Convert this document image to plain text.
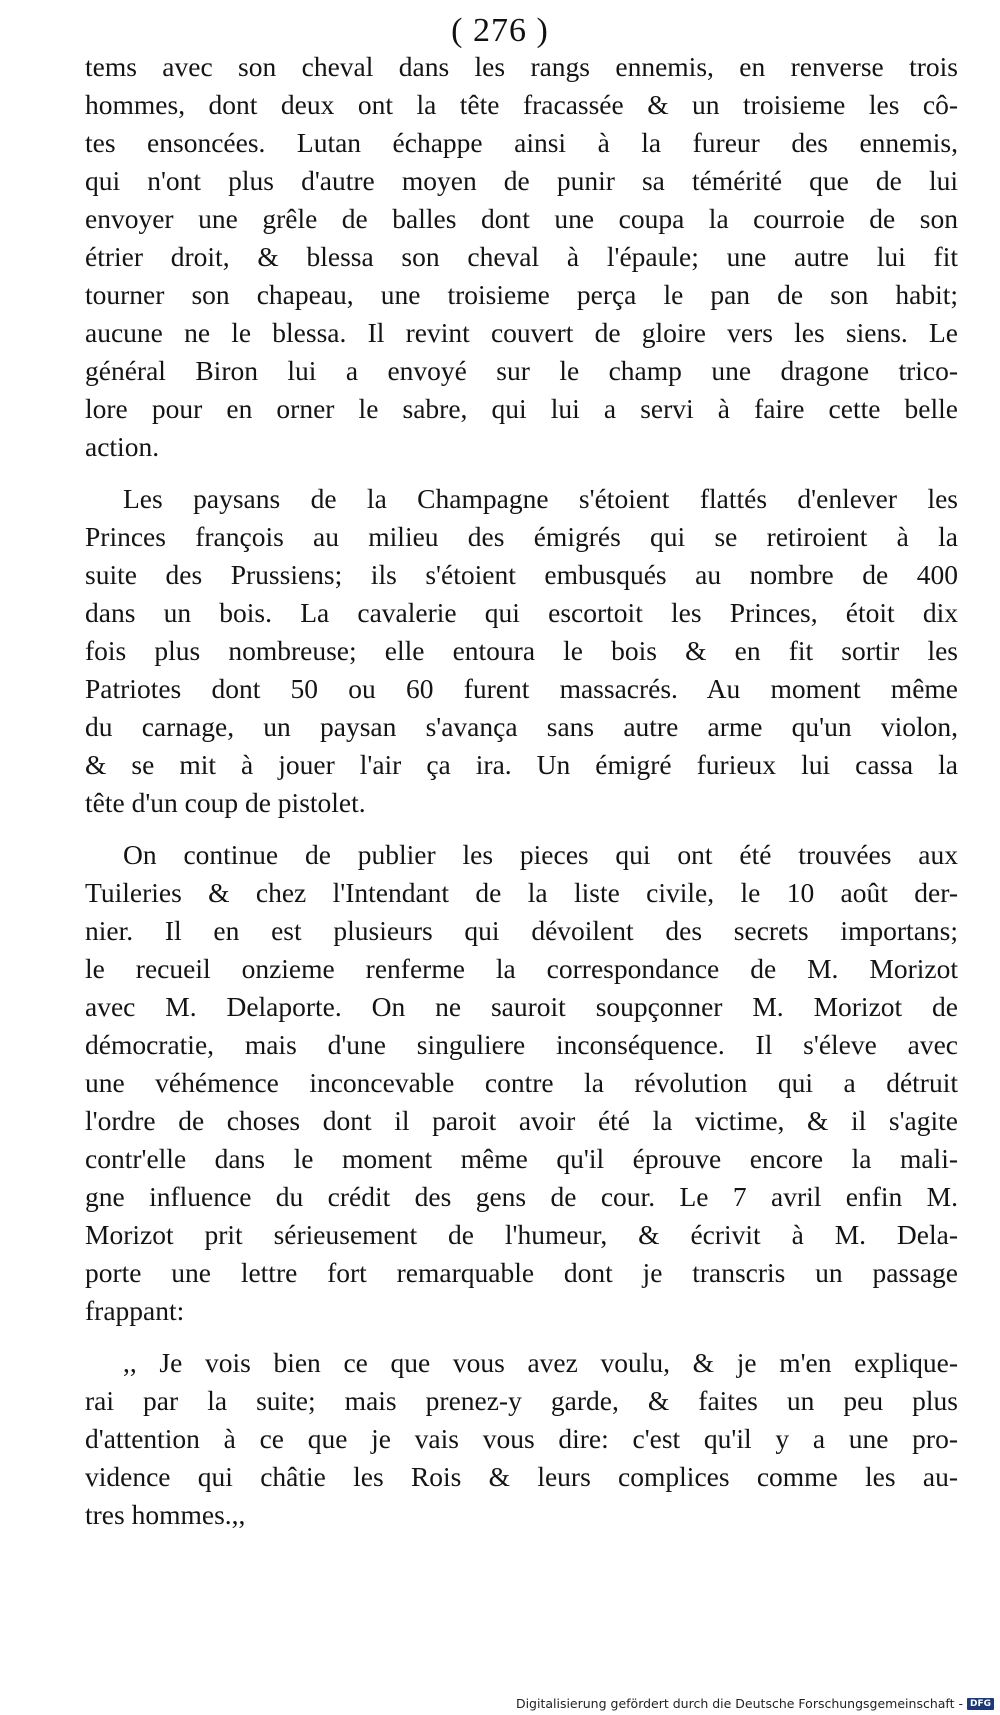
( 276 )
tems avec son cheval dans les rangs ennemis, en renverse trois
hommes, dont deux ont la tête fracassée & un troisieme les cô-
tes ensoncées. Lutan échappe ainsi à la fureur des ennemis,
qui n'ont plus d'autre moyen de punir sa témérité que de lui
envoyer une grêle de balles dont une coupa la courroie de son
étrier droit, & blessa son cheval à l'épaule; une autre lui fit
tourner son chapeau, une troisieme perça le pan de son habit;
aucune ne le blessa. Il revint couvert de gloire vers les siens. Le
général Biron lui a envoyé sur le champ une dragone trico-
lore pour en orner le sabre, qui lui a servi à faire cette belle
action.
Les paysans de la Champagne s'étoient flattés d'enlever les
Princes françois au milieu des émigrés qui se retiroient à la
suite des Prussiens; ils s'étoient embusqués au nombre de 400
dans un bois. La cavalerie qui escortoit les Princes, étoit dix
fois plus nombreuse; elle entoura le bois & en fit sortir les
Patriotes dont 50 ou 60 furent massacrés. Au moment même
du carnage, un paysan s'avança sans autre arme qu'un violon,
& se mit à jouer l'air ça ira. Un émigré furieux lui cassa la
tête d'un coup de pistolet.
On continue de publier les pieces qui ont été trouvées aux
Tuileries & chez l'Intendant de la liste civile, le 10 août der-
nier. Il en est plusieurs qui dévoilent des secrets importans;
le recueil onzieme renferme la correspondance de M. Morizot
avec M. Delaporte. On ne sauroit soupçonner M. Morizot de
démocratie, mais d'une singuliere inconséquence. Il s'éleve avec
une véhémence inconcevable contre la révolution qui a détruit
l'ordre de choses dont il paroit avoir été la victime, & il s'agite
contr'elle dans le moment même qu'il éprouve encore la mali-
gne influence du crédit des gens de cour. Le 7 avril enfin M.
Morizot prit sérieusement de l'humeur, & écrivit à M. Dela-
porte une lettre fort remarquable dont je transcris un passage
frappant:
,, Je vois bien ce que vous avez voulu, & je m'en explique-
rai par la suite; mais prenez-y garde, & faites un peu plus
d'attention à ce que je vais vous dire: c'est qu'il y a une pro-
vidence qui châtie les Rois & leurs complices comme les au-
tres hommes.,,
Digitalisierung gefördert durch die Deutsche Forschungsgemeinschaft - DFG
